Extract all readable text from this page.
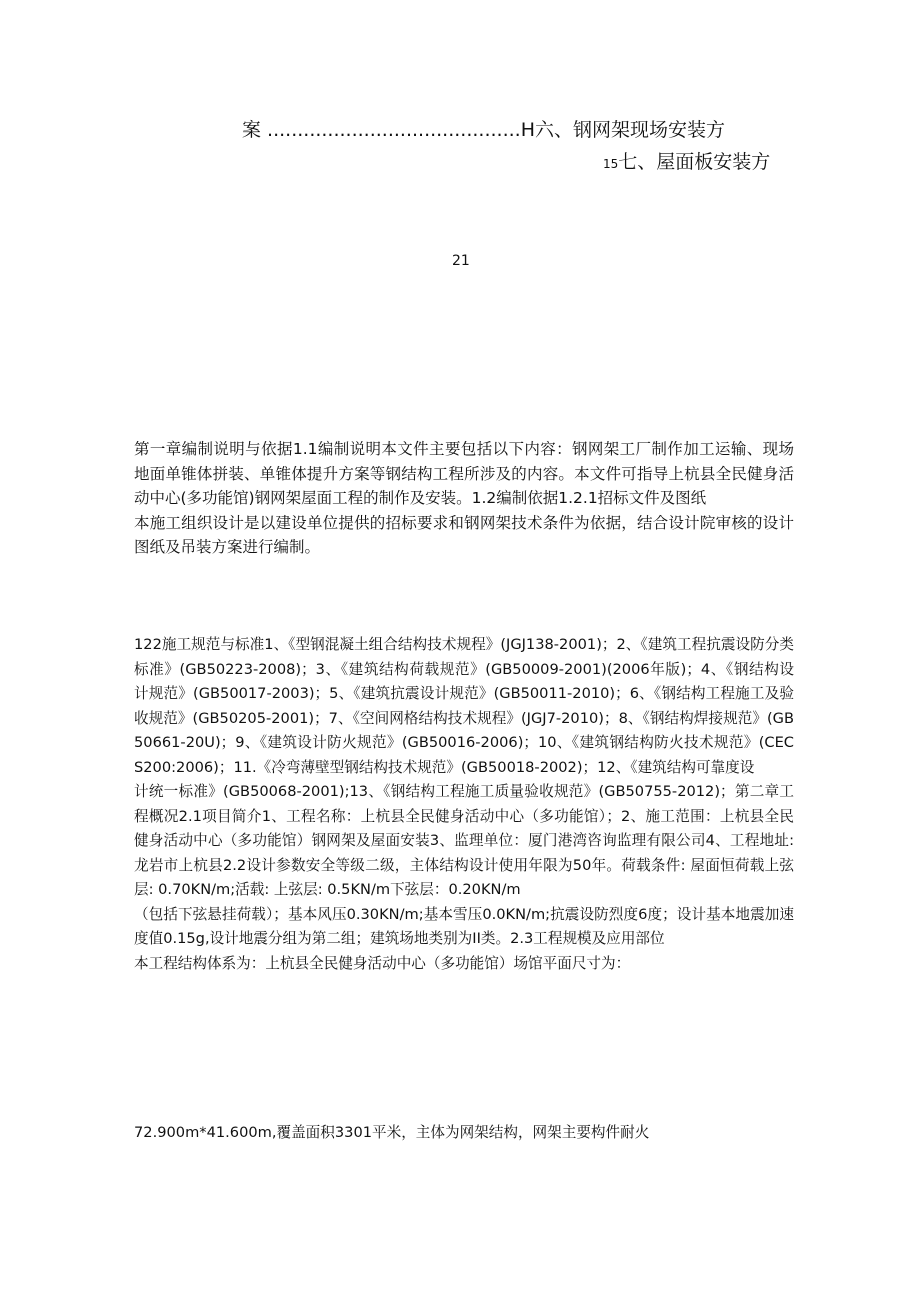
案 ..........................................H六、钢网架现场安装方
15七、屋面板安装方
21
第一章编制说明与依据1.1编制说明本文件主要包括以下内容：钢网架工厂制作加工运输、现场地面单锥体拼装、单锥体提升方案等钢结构工程所涉及的内容。本文件可指导上杭县全民健身活动中心(多功能馆)钢网架屋面工程的制作及安装。1.2编制依据1.2.1招标文件及图纸
本施工组织设计是以建设单位提供的招标要求和钢网架技术条件为依据，结合设计院审核的设计图纸及吊装方案进行编制。
122施工规范与标准1、《型钢混凝土组合结构技术规程》(JGJ138-2001)；2、《建筑工程抗震设防分类标准》(GB50223-2008)；3、《建筑结构荷载规范》(GB50009-2001)(2006年版)；4、《钢结构设计规范》(GB50017-2003)；5、《建筑抗震设计规范》(GB50011-2010)；6、《钢结构工程施工及验收规范》(GB50205-2001)；7、《空间网格结构技术规程》(JGJ7-2010)；8、《钢结构焊接规范》(GB50661-20U)；9、《建筑设计防火规范》(GB50016-2006)；10、《建筑钢结构防火技术规范》(CECS200:2006)；11.《冷弯薄壁型钢结构技术规范》(GB50018-2002)；12、《建筑结构可靠度设
计统一标准》(GB50068-2001);13、《钢结构工程施工质量验收规范》(GB50755-2012)；第二章工程概况2.1项目简介1、工程名称：上杭县全民健身活动中心（多功能馆）；2、施工范围：上杭县全民健身活动中心（多功能馆）钢网架及屋面安装3、监理单位：厦门港湾咨询监理有限公司4、工程地址: 龙岩市上杭县2.2设计参数安全等级二级，主体结构设计使用年限为50年。荷载条件: 屋面恒荷载上弦层: 0.70KN/m;活载: 上弦层: 0.5KN/m下弦层：0.20KN/m
（包括下弦悬挂荷载）；基本风压0.30KN/m;基本雪压0.0KN/m;抗震设防烈度6度；设计基本地震加速度值0.15g,设计地震分组为第二组；建筑场地类别为II类。2.3工程规模及应用部位
本工程结构体系为：上杭县全民健身活动中心（多功能馆）场馆平面尺寸为：
72.900m*41.600m,覆盖面积3301平米，主体为网架结构，网架主要构件耐火
